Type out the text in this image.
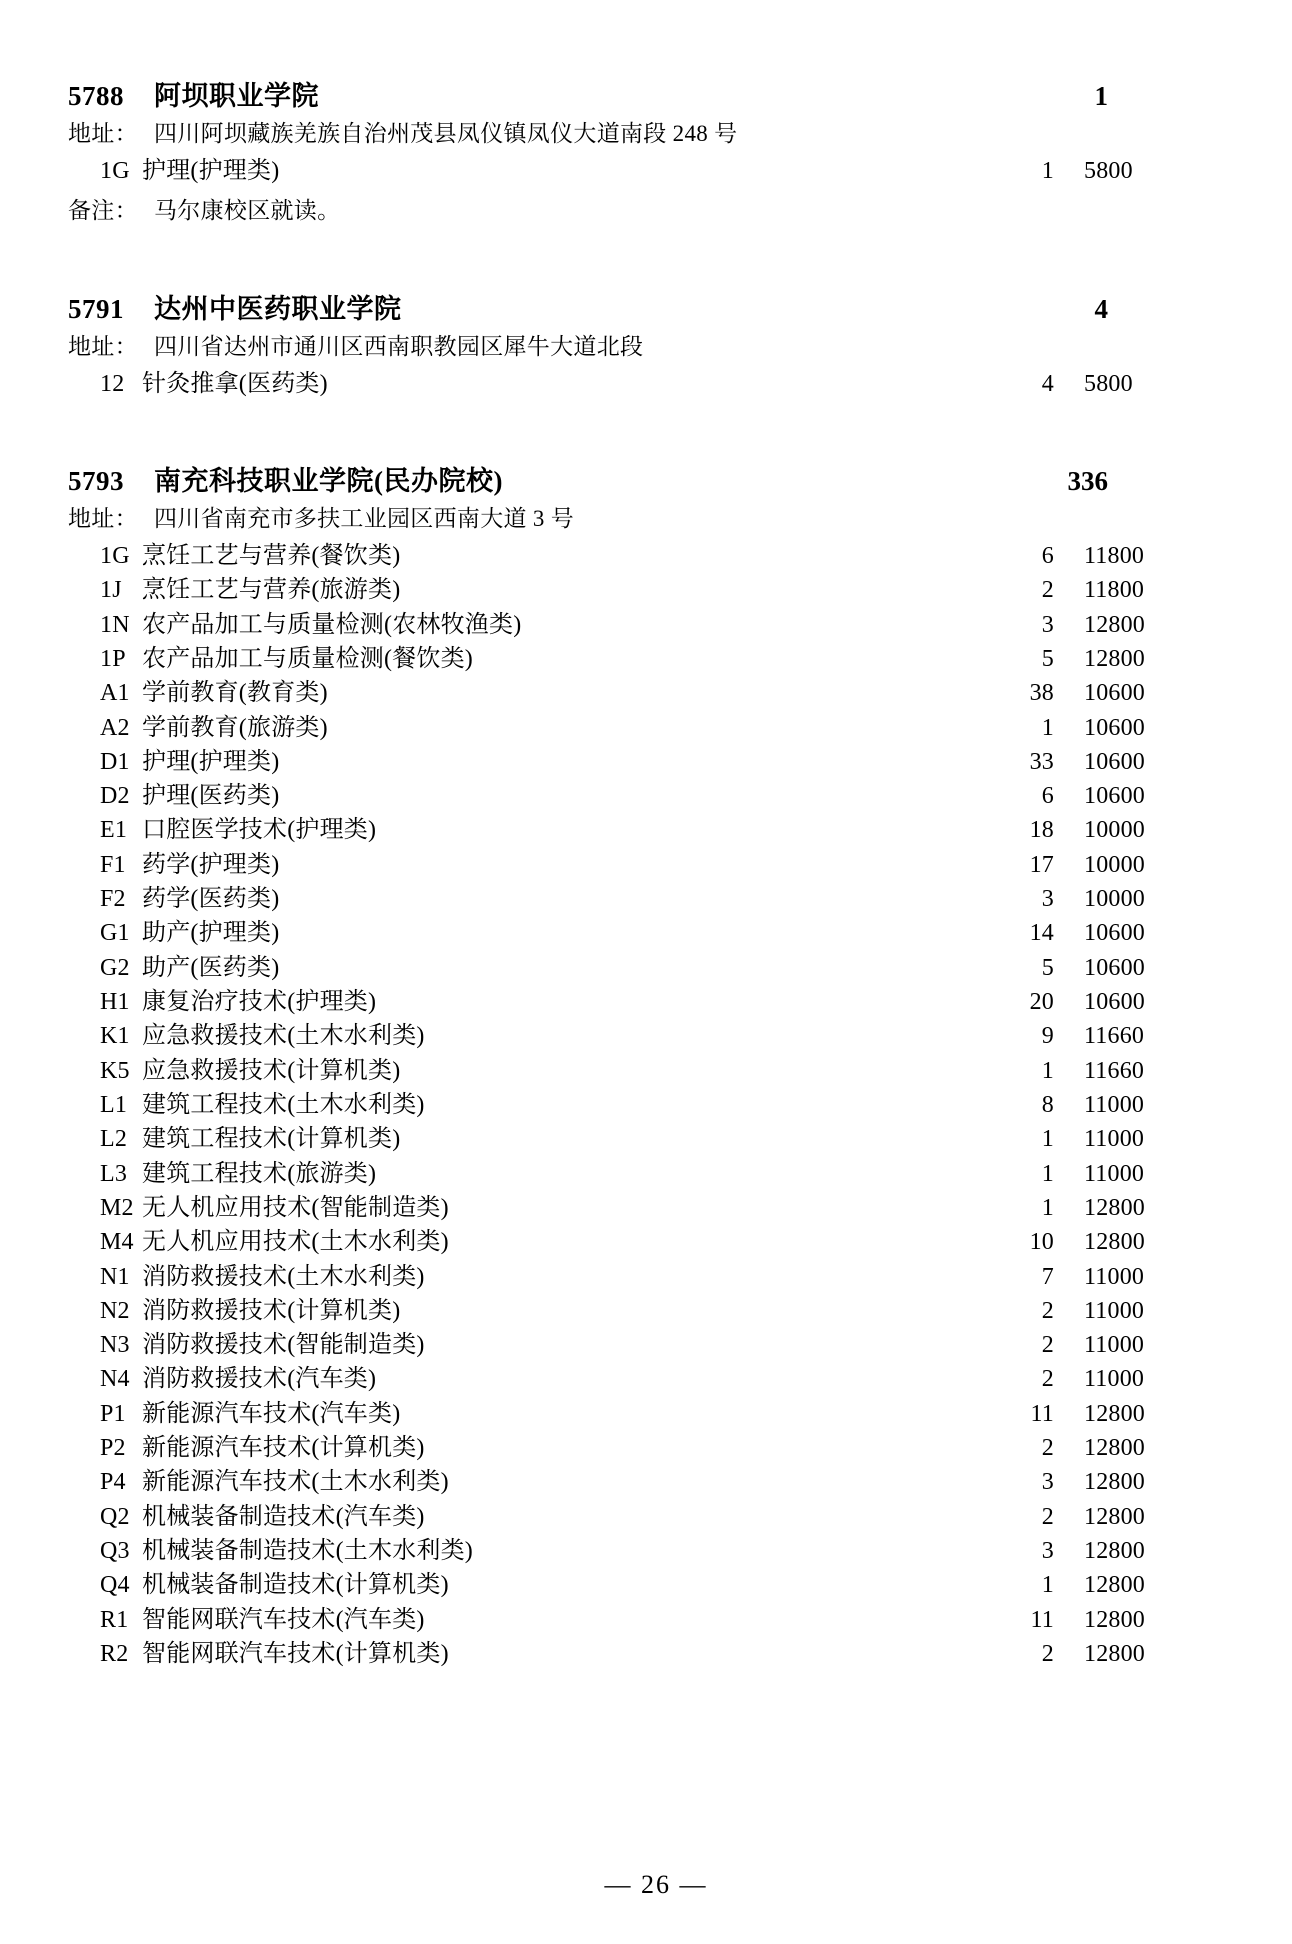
5788	阿坝职业学院	1
地址： 四川阿坝藏族羌族自治州茂县凤仪镇凤仪大道南段 248 号
1G 护理(护理类)	1	5800
备注： 马尔康校区就读。
5791	达州中医药职业学院	4
地址： 四川省达州市通川区西南职教园区犀牛大道北段
12 针灸推拿(医药类)	4	5800
5793	南充科技职业学院(民办院校)	336
地址： 四川省南充市多扶工业园区西南大道 3 号
1G 烹饪工艺与营养(餐饮类)	6	11800
1J 烹饪工艺与营养(旅游类)	2	11800
1N 农产品加工与质量检测(农林牧渔类)	3	12800
1P 农产品加工与质量检测(餐饮类)	5	12800
A1 学前教育(教育类)	38	10600
A2 学前教育(旅游类)	1	10600
D1 护理(护理类)	33	10600
D2 护理(医药类)	6	10600
E1 口腔医学技术(护理类)	18	10000
F1 药学(护理类)	17	10000
F2 药学(医药类)	3	10000
G1 助产(护理类)	14	10600
G2 助产(医药类)	5	10600
H1 康复治疗技术(护理类)	20	10600
K1 应急救援技术(土木水利类)	9	11660
K5 应急救援技术(计算机类)	1	11660
L1 建筑工程技术(土木水利类)	8	11000
L2 建筑工程技术(计算机类)	1	11000
L3 建筑工程技术(旅游类)	1	11000
M2 无人机应用技术(智能制造类)	1	12800
M4 无人机应用技术(土木水利类)	10	12800
N1 消防救援技术(土木水利类)	7	11000
N2 消防救援技术(计算机类)	2	11000
N3 消防救援技术(智能制造类)	2	11000
N4 消防救援技术(汽车类)	2	11000
P1 新能源汽车技术(汽车类)	11	12800
P2 新能源汽车技术(计算机类)	2	12800
P4 新能源汽车技术(土木水利类)	3	12800
Q2 机械装备制造技术(汽车类)	2	12800
Q3 机械装备制造技术(土木水利类)	3	12800
Q4 机械装备制造技术(计算机类)	1	12800
R1 智能网联汽车技术(汽车类)	11	12800
R2 智能网联汽车技术(计算机类)	2	12800
— 26 —
